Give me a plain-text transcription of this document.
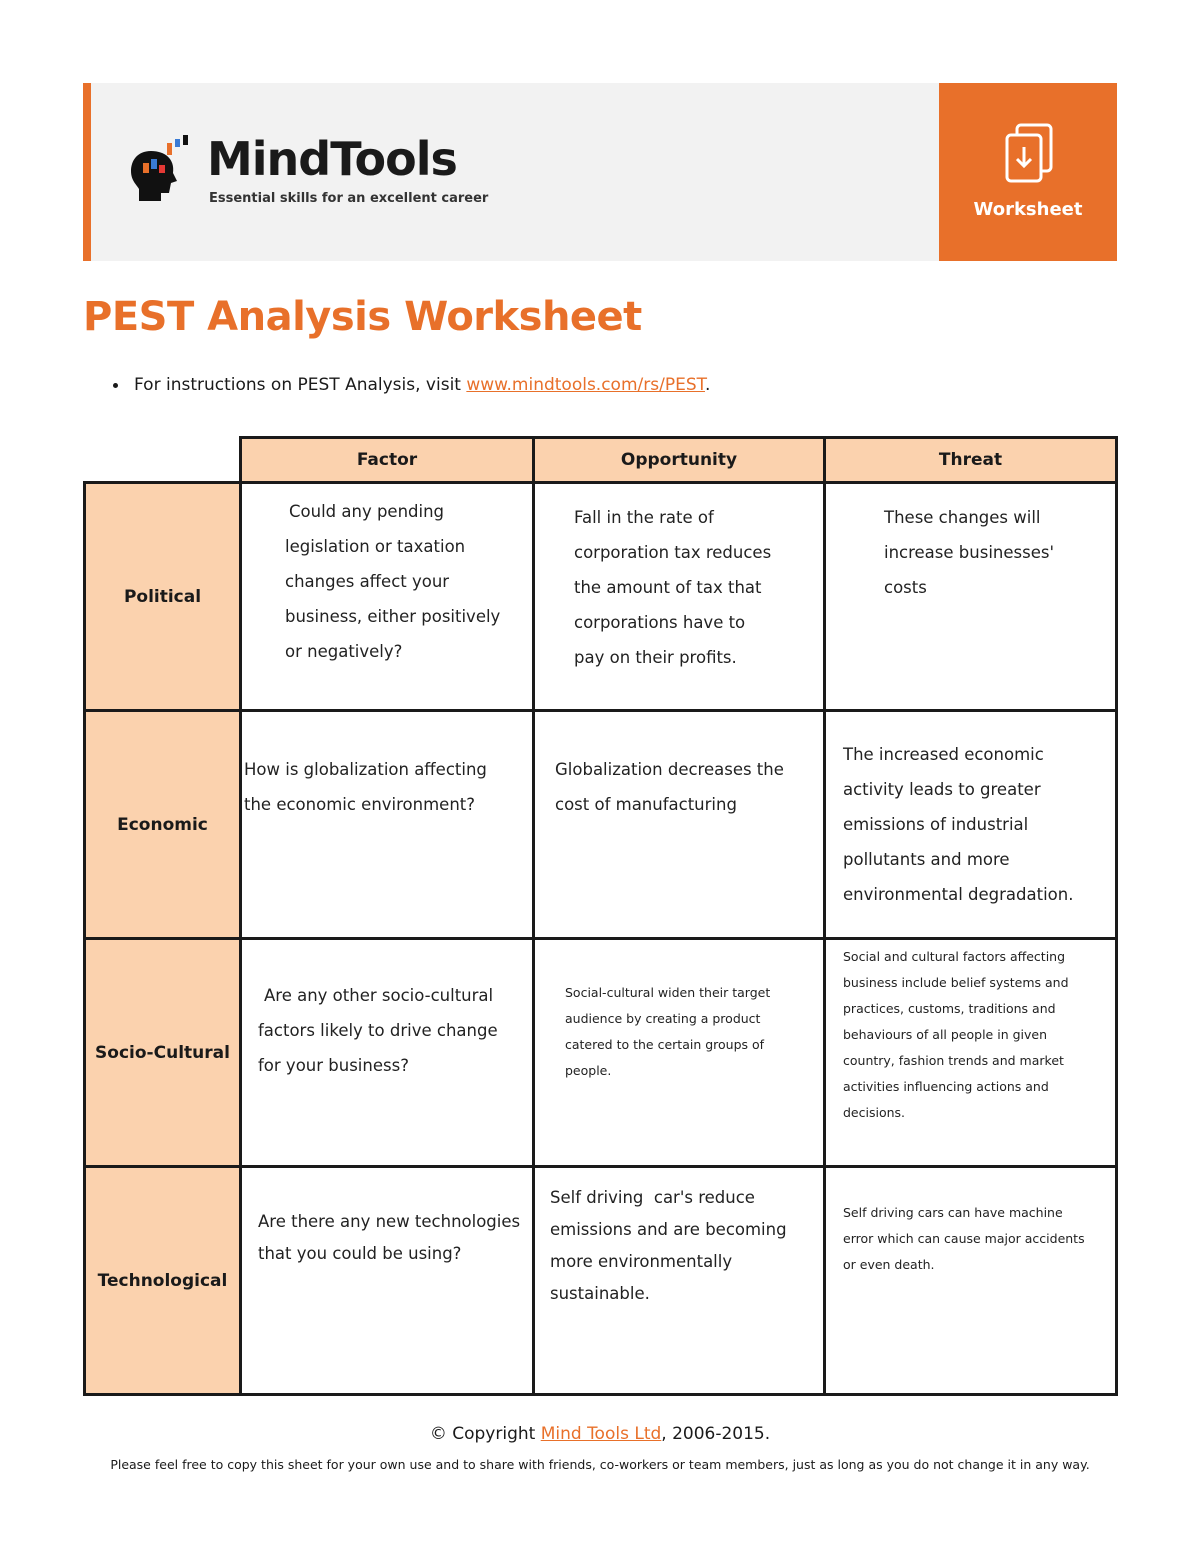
MindTools
Essential skills for an excellent career
Worksheet
PEST Analysis Worksheet
For instructions on PEST Analysis, visit www.mindtools.com/rs/PEST.
Factor	Opportunity	Threat
Political
Could any pending
legislation or taxation
changes affect your
business, either positively
or negatively?
Fall in the rate of
corporation tax reduces
the amount of tax that
corporations have to
pay on their profits.
These changes will
increase businesses'
costs
Economic
How is globalization affecting
the economic environment?
Globalization decreases the
cost of manufacturing
The increased economic
activity leads to greater
emissions of industrial
pollutants and more
environmental degradation.
Socio-Cultural
Are any other socio-cultural
factors likely to drive change
for your business?
Social-cultural widen their target
audience by creating a product
catered to the certain groups of
people.
Social and cultural factors affecting
business include belief systems and
practices, customs, traditions and
behaviours of all people in given
country, fashion trends and market
activities influencing actions and
decisions.
Technological
Are there any new technologies
that you could be using?
Self driving  car's reduce
emissions and are becoming
more environmentally
sustainable.
Self driving cars can have machine
error which can cause major accidents
or even death.
© Copyright Mind Tools Ltd, 2006-2015.
Please feel free to copy this sheet for your own use and to share with friends, co-workers or team members, just as long as you do not change it in any way.
